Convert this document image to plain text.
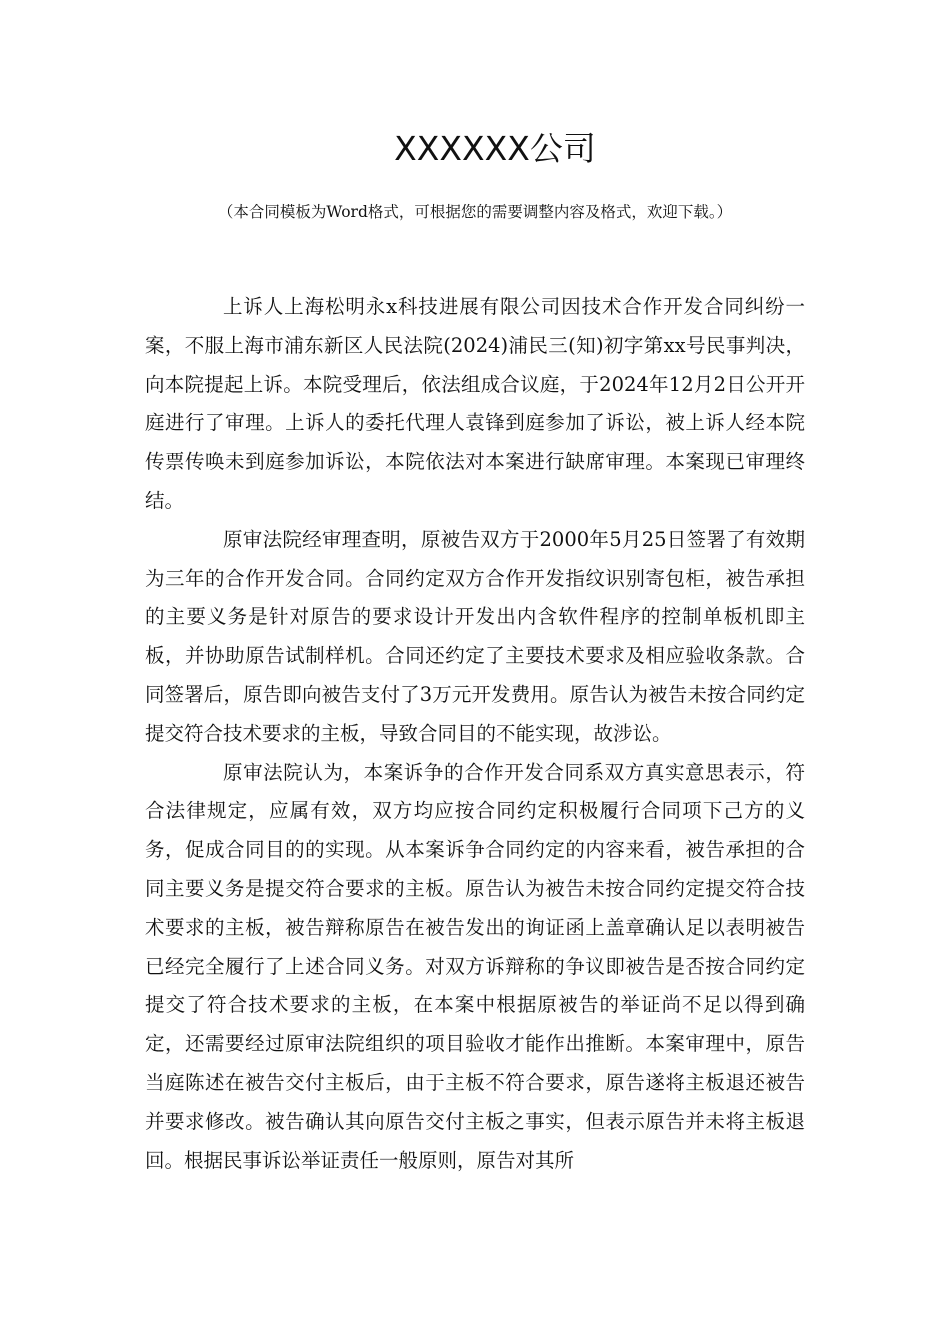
XXXXXX公司

（本合同模板为Word格式，可根据您的需要调整内容及格式，欢迎下载。）

上诉人上海松明永x科技进展有限公司因技术合作开发合同纠纷一案，不服上海市浦东新区人民法院(2024)浦民三(知)初字第xx号民事判决，向本院提起上诉。本院受理后，依法组成合议庭，于2024年12月2日公开开庭进行了审理。上诉人的委托代理人袁锋到庭参加了诉讼，被上诉人经本院传票传唤未到庭参加诉讼，本院依法对本案进行缺席审理。本案现已审理终结。

原审法院经审理查明，原被告双方于2000年5月25日签署了有效期为三年的合作开发合同。合同约定双方合作开发指纹识别寄包柜，被告承担的主要义务是针对原告的要求设计开发出内含软件程序的控制单板机即主板，并协助原告试制样机。合同还约定了主要技术要求及相应验收条款。合同签署后，原告即向被告支付了3万元开发费用。原告认为被告未按合同约定提交符合技术要求的主板，导致合同目的不能实现，故涉讼。

原审法院认为，本案诉争的合作开发合同系双方真实意思表示，符合法律规定，应属有效，双方均应按合同约定积极履行合同项下己方的义务，促成合同目的的实现。从本案诉争合同约定的内容来看，被告承担的合同主要义务是提交符合要求的主板。原告认为被告未按合同约定提交符合技术要求的主板，被告辩称原告在被告发出的询证函上盖章确认足以表明被告已经完全履行了上述合同义务。对双方诉辩称的争议即被告是否按合同约定提交了符合技术要求的主板，在本案中根据原被告的举证尚不足以得到确定，还需要经过原审法院组织的项目验收才能作出推断。本案审理中，原告当庭陈述在被告交付主板后，由于主板不符合要求，原告遂将主板退还被告并要求修改。被告确认其向原告交付主板之事实，但表示原告并未将主板退回。根据民事诉讼举证责任一般原则，原告对其所
